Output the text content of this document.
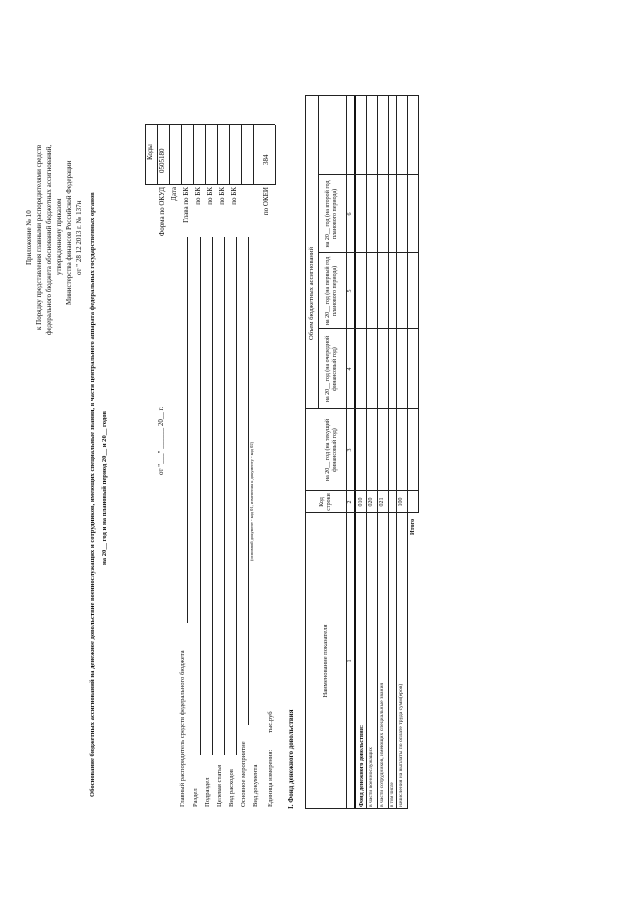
Приложение № 10 к Порядку представления главными распорядителями средств федерального бюджета обоснований бюджетных ассигнований, утвержденному приказом Министерства финансов Российской Федерации от " 28 12 2013 г. № 137н Обоснование бюджетных ассигнований на денежное довольствие военнослужащих и сотрудников, имеющих специальные звания, в части центрального аппарата федеральных государственных органов на 20__ год и на плановый период 20__ и 20__ годов
Коды
Форма по ОКУД
0505180
Дата Глава по БК по БК по БК по БК по БК	по ОКЕИ
384
от "___" ______ 20__ г.
(основной документ - код 01, изменения к документу - код 02)
Главный распорядитель средств федерального бюджета Раздел Подраздел Целевая статья Вид расходов Основное мероприятие Вид документа Единица измерения:
тыс.руб I. Фонд денежного довольствия
Наименование показателя
Код строки
Объем бюджетных ассигнований
на 20__ год (на текущий финансовый год)
на 20__ год (на очередной финансовый год)
на 20__ год (на первый год планового периода)
на 20__ год (на второй год планового периода)
1
2
3
4
5
6
Фонд денежного довольствия:
010
в части военнослужащих
020
в части сотрудников, имеющих специальные звания
021
в том числе начисления на выплаты по оплате труда сумм(еров)
100
Итого
